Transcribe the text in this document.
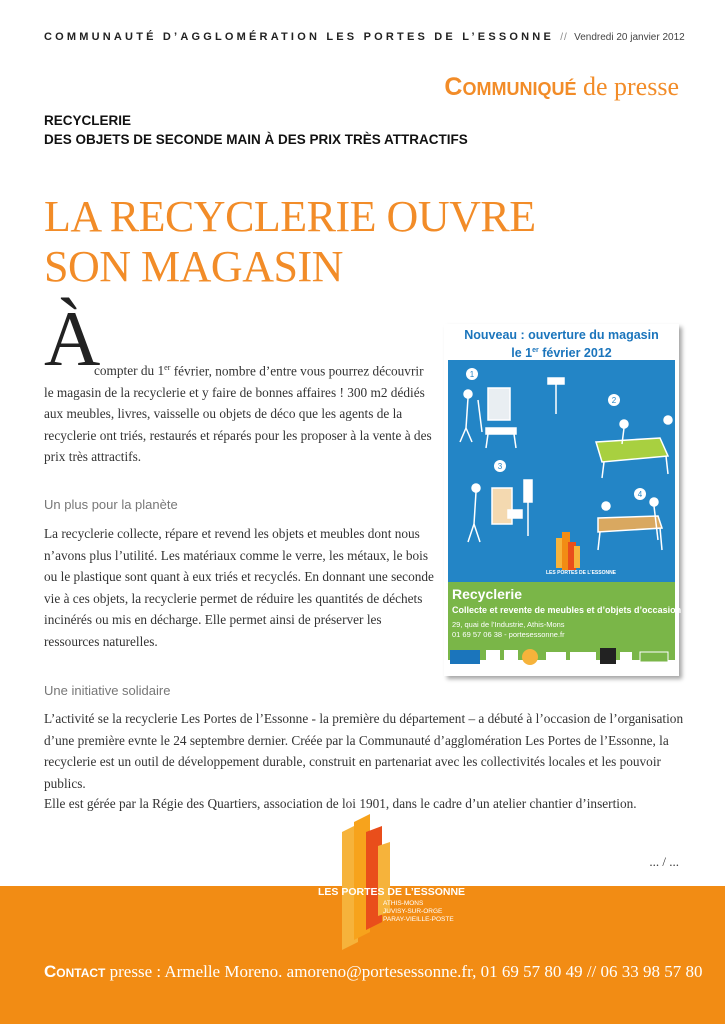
COMMUNAUTÉ D’AGGLOMÉRATION LES PORTES DE L’ESSONNE // Vendredi 20 janvier 2012
Communiqué de presse
RECYCLERIE
DES OBJETS DE SECONDE MAIN À DES PRIX TRÈS ATTRACTIFS
LA RECYCLERIE OUVRE SON MAGASIN
À
compter du 1er février, nombre d’entre vous pourrez découvrir le magasin de la recyclerie et y faire de bonnes affaires ! 300 m2 dédiés aux meubles, livres, vaisselle ou objets de déco que les agents de la recyclerie ont triés, restaurés et réparés pour les proposer à la vente à des prix très attractifs.
Un plus pour la planète
La recyclerie collecte, répare et revend les objets et meubles dont nous n’avons plus l’utilité. Les matériaux comme le verre, les métaux, le bois ou le plastique sont quant à eux triés et recyclés. En donnant une seconde vie à ces objets, la recyclerie permet de réduire les quantités de déchets incinérés ou mis en décharge. Elle permet ainsi de préserver les ressources naturelles.
Une initiative solidaire
L’activité se la recyclerie Les Portes de l’Essonne - la première du département – a débuté à l’occasion de l’organisation d’une première evnte le 24 septembre dernier. Créée par la Communauté d’agglomération Les Portes de l’Essonne, la recyclerie est un outil de développement durable, construit en partenariat avec les collectivités locales et les pouvoir publics.
Elle est gérée par la Régie des Quartiers, association de loi 1901, dans le cadre d’un atelier chantier d’insertion.
Nouveau : ouverture du magasin
le 1er février 2012
1
2
3
4
LES PORTES DE L’ESSONNE
Recyclerie
Collecte et revente de meubles et d’objets d’occasion
29, quai de l’Industrie, Athis-Mons
01 69 57 06 38 - portesessonne.fr
... / ...
LES PORTES DE L’ESSONNE
ATHIS-MONS
JUVISY-SUR-ORGE
PARAY-VIEILLE-POSTE
Contact presse : Armelle Moreno. amoreno@portesessonne.fr, 01 69 57 80 49 // 06 33 98 57 80
